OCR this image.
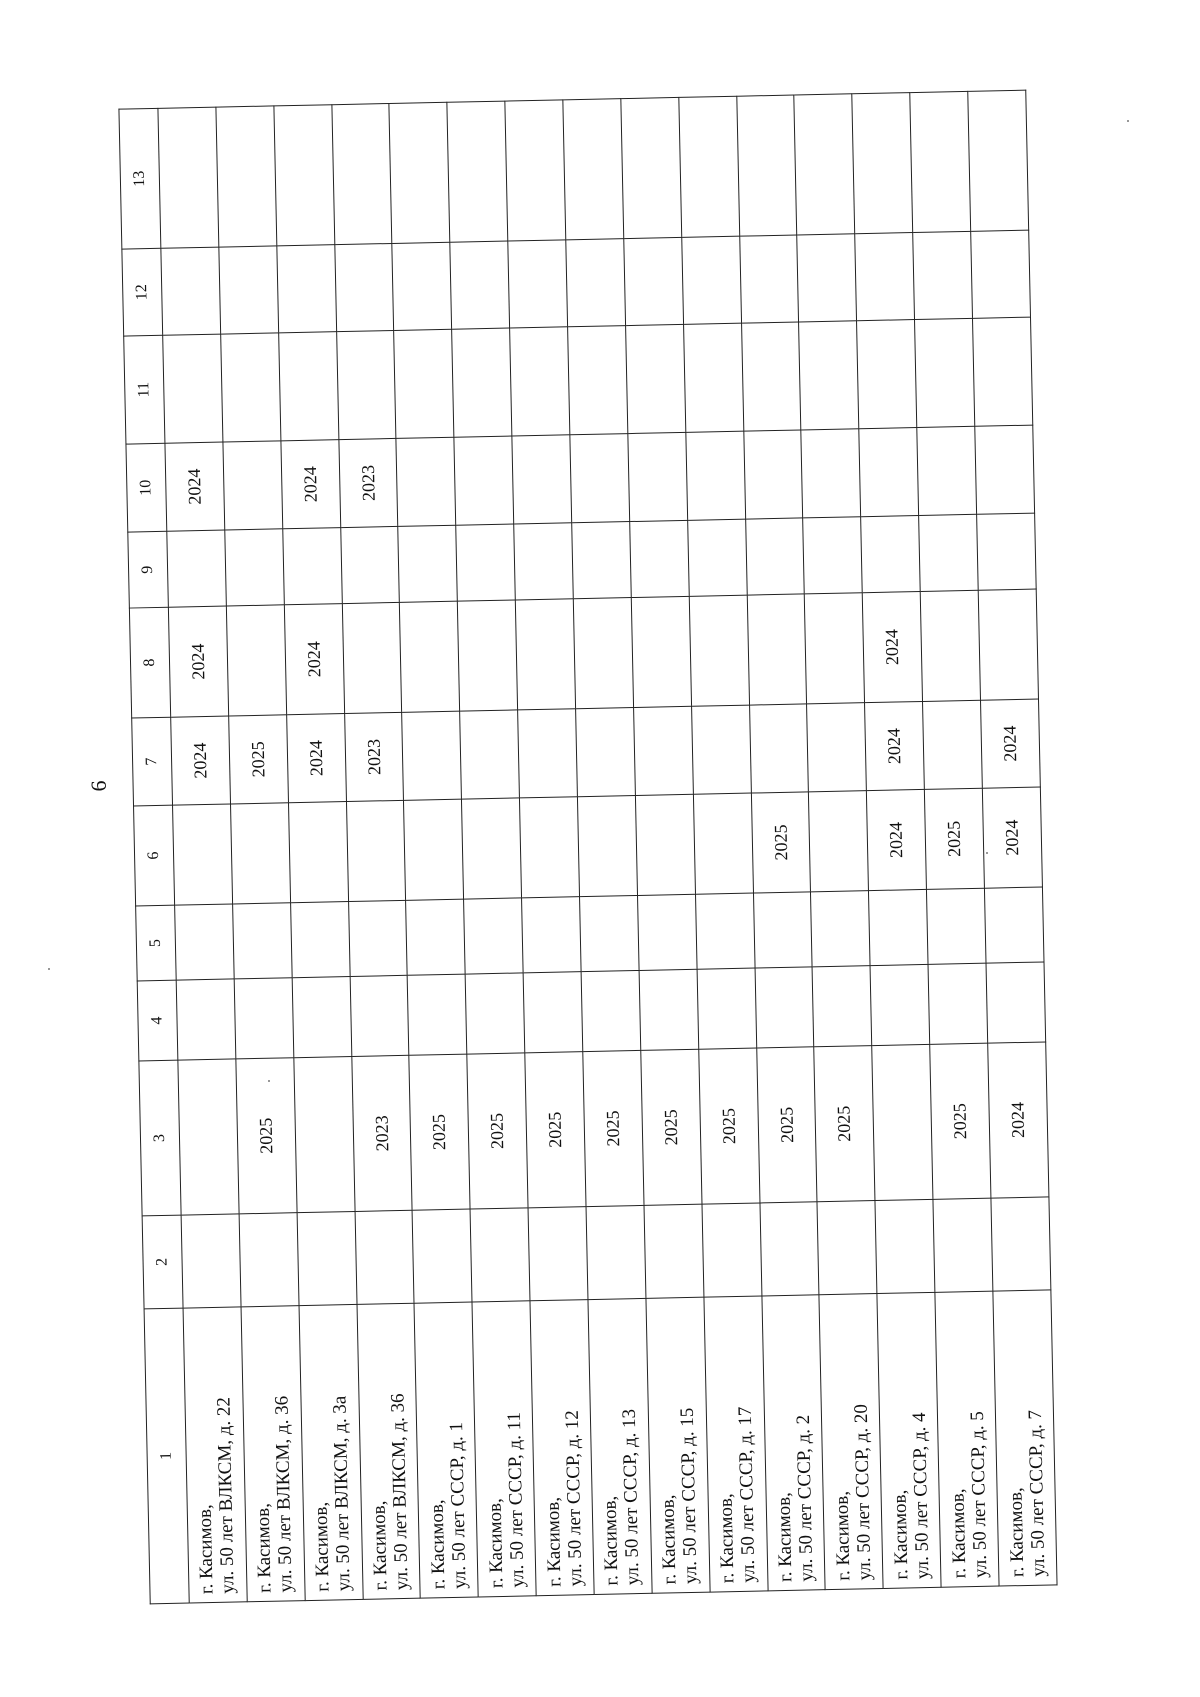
6
1	2	3	4	5	6	7	8	9	10	11	12	13

г. Касимов,
ул. 50 лет ВЛКСМ, д. 22						2024	2024		2024			

г. Касимов,
ул. 50 лет ВЛКСМ, д. 36		2025				2025						

г. Касимов,
ул. 50 лет ВЛКСМ, д. 3а						2024	2024		2024			

г. Касимов,
ул. 50 лет ВЛКСМ, д. 36		2023				2023			2023			

г. Касимов,
ул. 50 лет СССР, д. 1		2025										

г. Касимов,
ул. 50 лет СССР, д. 11		2025										

г. Касимов,
ул. 50 лет СССР, д. 12		2025										

г. Касимов,
ул. 50 лет СССР, д. 13		2025										

г. Касимов,
ул. 50 лет СССР, д. 15		2025										

г. Касимов,
ул. 50 лет СССР, д. 17		2025										

г. Касимов,
ул. 50 лет СССР, д. 2		2025			2025							

г. Касимов,
ул. 50 лет СССР, д. 20		2025										

г. Касимов,
ул. 50 лет СССР, д. 4					2024	2024	2024					

г. Касимов,
ул. 50 лет СССР, д. 5		2025			2025							

г. Касимов,
ул. 50 лет СССР, д. 7		2024			2024	2024						
